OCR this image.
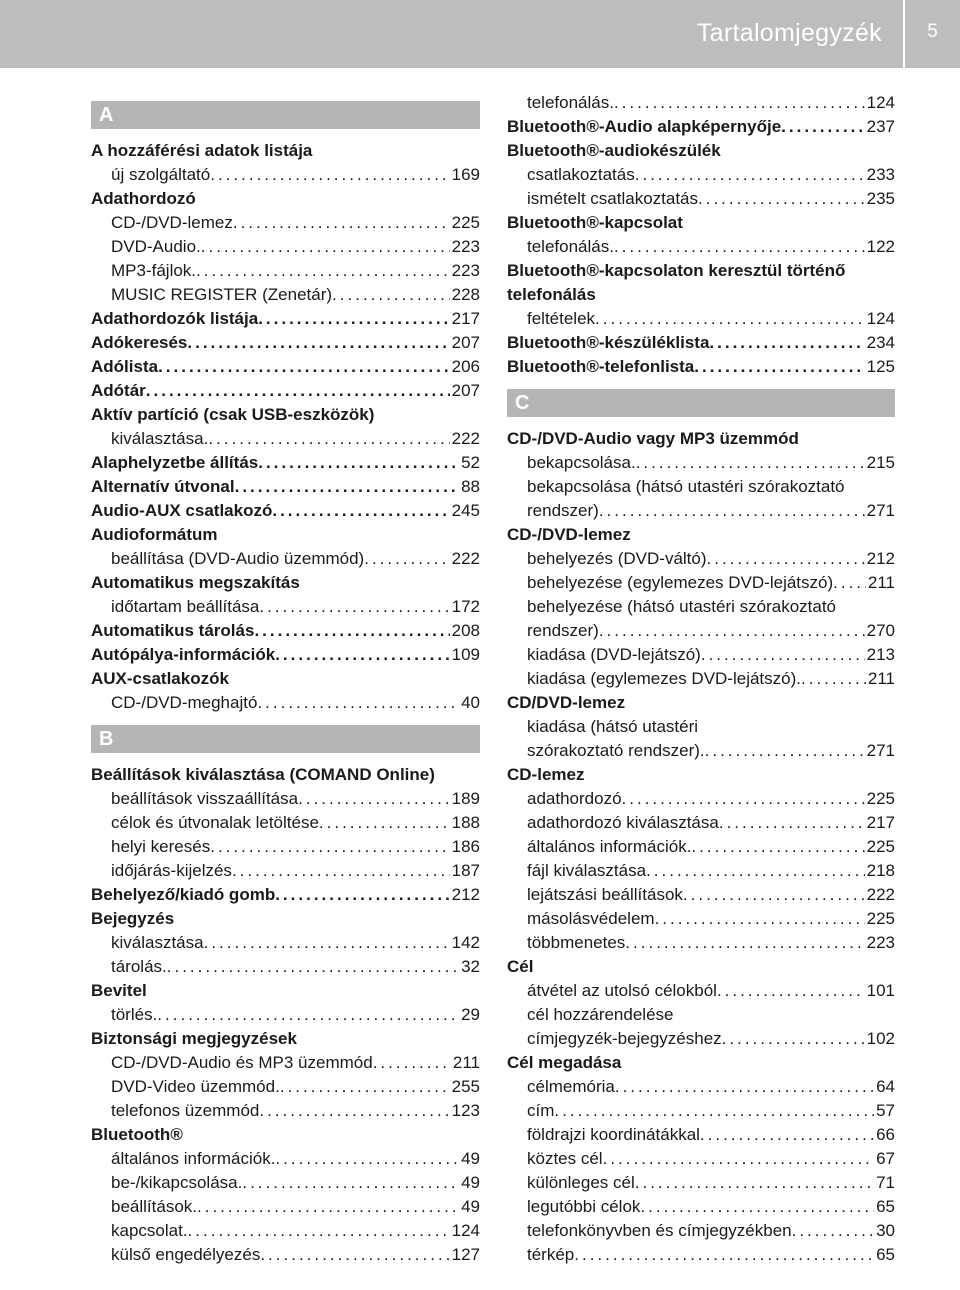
Tartalomjegyzék	5
A
A hozzáférési adatok listája
új szolgáltató .....	169
Adathordozó
CD-/DVD-lemez .....	225
DVD-Audio. .....	223
MP3-fájlok. .....	223
MUSIC REGISTER (Zenetár) .....	228
Adathordozók listája .....	217
Adókeresés .....	207
Adólista .....	206
Adótár .....	207
Aktív partíció (csak USB-eszközök)
kiválasztása. .....	222
Alaphelyzetbe állítás .....	52
Alternatív útvonal .....	88
Audio-AUX csatlakozó .....	245
Audioformátum
beállítása (DVD-Audio üzemmód) .....	222
Automatikus megszakítás
időtartam beállítása .....	172
Automatikus tárolás .....	208
Autópálya-információk .....	109
AUX-csatlakozók
CD-/DVD-meghajtó .....	40
B
Beállítások kiválasztása (COMAND Online)
beállítások visszaállítása .....	189
célok és útvonalak letöltése .....	188
helyi keresés .....	186
időjárás-kijelzés .....	187
Behelyező/kiadó gomb .....	212
Bejegyzés
kiválasztása .....	142
tárolás. .....	32
Bevitel
törlés. .....	29
Biztonsági megjegyzések
CD-/DVD-Audio és MP3 üzemmód .....	211
DVD-Video üzemmód. .....	255
telefonos üzemmód .....	123
Bluetooth®
általános információk. .....	49
be-/kikapcsolása. .....	49
beállítások. .....	49
kapcsolat. .....	124
külső engedélyezés .....	127
telefonálás. .....	124
Bluetooth®-Audio alapképernyője .....	237
Bluetooth®-audiokészülék
csatlakoztatás .....	233
ismételt csatlakoztatás .....	235
Bluetooth®-kapcsolat
telefonálás. .....	122
Bluetooth®-kapcsolaton keresztül történő
telefonálás
feltételek .....	124
Bluetooth®-készüléklista .....	234
Bluetooth®-telefonlista .....	125
C
CD-/DVD-Audio vagy MP3 üzemmód
bekapcsolása. .....	215
bekapcsolása (hátsó utastéri szórakoztató
rendszer) .....	271
CD-/DVD-lemez
behelyezés (DVD-váltó) .....	212
behelyezése (egylemezes DVD-lejátszó) ..... 211
behelyezése (hátsó utastéri szórakoztató
rendszer) .....	270
kiadása (DVD-lejátszó) .....	213
kiadása (egylemezes DVD-lejátszó). .....	211
CD/DVD-lemez
kiadása (hátsó utastéri
szórakoztató rendszer). .....	271
CD-lemez
adathordozó .....	225
adathordozó kiválasztása .....	217
általános információk. .....	225
fájl kiválasztása .....	218
lejátszási beállítások .....	222
másolásvédelem .....	225
többmenetes .....	223
Cél
átvétel az utolsó célokból .....	101
cél hozzárendelése
címjegyzék-bejegyzéshez .....	102
Cél megadása
célmemória .....	64
cím .....	57
földrajzi koordinátákkal .....	66
köztes cél .....	67
különleges cél .....	71
legutóbbi célok .....	65
telefonkönyvben és címjegyzékben .....	30
térkép .....	65
